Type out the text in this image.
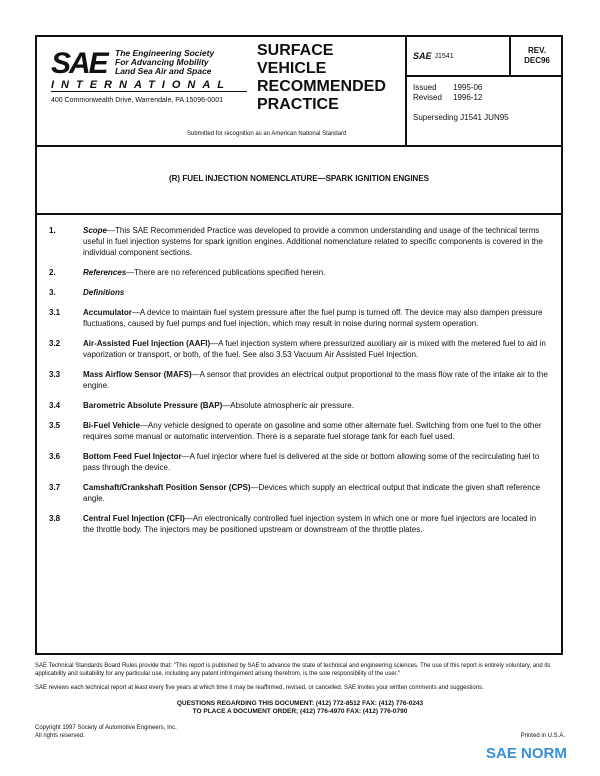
SAE The Engineering Society
For Advancing Mobility
Land Sea Air and Space
INTERNATIONAL
400 Commonwealth Drive, Warrendale, PA 15096-0001
SURFACE
VEHICLE
RECOMMENDED
PRACTICE
Submitted for recognition as an American National Standard
SAE J1541
REV.
DEC96
Issued	1995-06
Revised	1996-12
Superseding J1541 JUN95
(R) FUEL INJECTION NOMENCLATURE—SPARK IGNITION ENGINES
1.	Scope—This SAE Recommended Practice was developed to provide a common understanding and usage of the technical terms useful in fuel injection systems for spark ignition engines. Additional nomenclature related to specific components is covered in the individual component sections.
2.	References—There are no referenced publications specified herein.
3.	Definitions
3.1	Accumulator—A device to maintain fuel system pressure after the fuel pump is turned off. The device may also dampen pressure fluctuations, caused by fuel pumps and fuel injection, which may result in noise during normal system operation.
3.2	Air-Assisted Fuel Injection (AAFI)—A fuel injection system where pressurized auxiliary air is mixed with the metered fuel to aid in vaporization or transport, or both, of the fuel. See also 3.53 Vacuum Air Assisted Fuel Injection.
3.3	Mass Airflow Sensor (MAFS)—A sensor that provides an electrical output proportional to the mass flow rate of the intake air to the engine.
3.4	Barometric Absolute Pressure (BAP)—Absolute atmospheric air pressure.
3.5	Bi-Fuel Vehicle—Any vehicle designed to operate on gasoline and some other alternate fuel. Switching from one fuel to the other requires some manual or automatic intervention. There is a separate fuel storage tank for each fuel used.
3.6	Bottom Feed Fuel Injector—A fuel injector where fuel is delivered at the side or bottom allowing some of the recirculating fuel to pass through the device.
3.7	Camshaft/Crankshaft Position Sensor (CPS)—Devices which supply an electrical output that indicate the given shaft reference angle.
3.8	Central Fuel Injection (CFI)—An electronically controlled fuel injection system in which one or more fuel injectors are located in the throttle body. The injectors may be positioned upstream or downstream of the throttle plates.
SAE Technical Standards Board Rules provide that: "This report is published by SAE to advance the state of technical and engineering sciences. The use of this report is entirely voluntary, and its applicability and suitability for any particular use, including any patent infringement arising therefrom, is the sole responsibility of the user."
SAE reviews each technical report at least every five years at which time it may be reaffirmed, revised, or cancelled. SAE invites your written comments and suggestions.
QUESTIONS REGARDING THIS DOCUMENT: (412) 772-8512 FAX: (412) 776-0243
TO PLACE A DOCUMENT ORDER; (412) 776-4970 FAX: (412) 776-0790
Copyright 1997 Society of Automotive Engineers, Inc.
All rights reserved.	Printed in U.S.A.
SAE NORM
